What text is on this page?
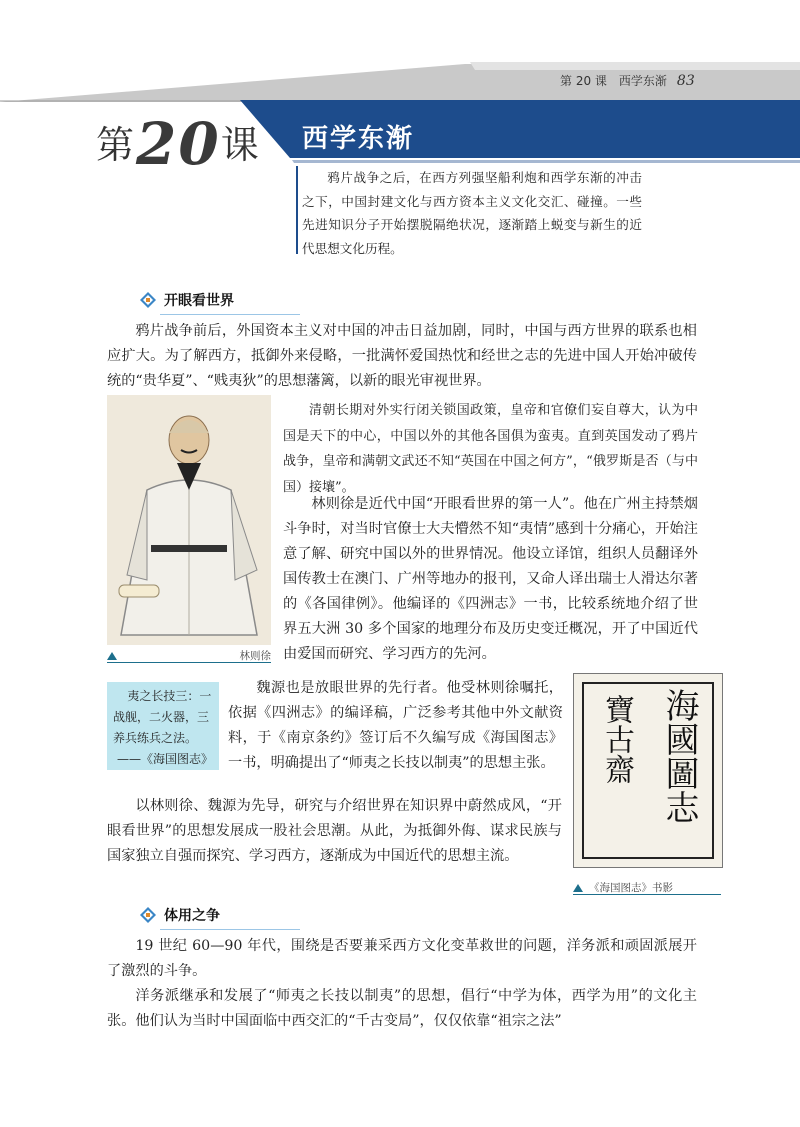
第 20 课　西学东渐 83
第20课 西学东渐
鸦片战争之后，在西方列强坚船利炮和西学东渐的冲击之下，中国封建文化与西方资本主义文化交汇、碰撞。一些先进知识分子开始摆脱隔绝状况，逐渐踏上蜕变与新生的近代思想文化历程。
开眼看世界
鸦片战争前后，外国资本主义对中国的冲击日益加剧，同时，中国与西方世界的联系也相应扩大。为了解西方，抵御外来侵略，一批满怀爱国热忱和经世之志的先进中国人开始冲破传统的“贵华夏”、“贱夷狄”的思想藩篱，以新的眼光审视世界。
林则徐
清朝长期对外实行闭关锁国政策，皇帝和官僚们妄自尊大，认为中国是天下的中心，中国以外的其他各国俱为蛮夷。直到英国发动了鸦片战争，皇帝和满朝文武还不知“英国在中国之何方”，“俄罗斯是否（与中国）接壤”。
林则徐是近代中国“开眼看世界的第一人”。他在广州主持禁烟斗争时，对当时官僚士大夫懵然不知“夷情”感到十分痛心，开始注意了解、研究中国以外的世界情况。他设立译馆，组织人员翻译外国传教士在澳门、广州等地办的报刊，又命人译出瑞士人滑达尔著的《各国律例》。他编译的《四洲志》一书，比较系统地介绍了世界五大洲 30 多个国家的地理分布及历史变迁概况，开了中国近代由爱国而研究、学习西方的先河。
夷之长技三：一战舰，二火器，三养兵练兵之法。
——《海国图志》
魏源也是放眼世界的先行者。他受林则徐嘱托，依据《四洲志》的编译稿，广泛参考其他中外文献资料，于《南京条约》签订后不久编写成《海国图志》一书，明确提出了“师夷之长技以制夷”的思想主张。	海國圖志
寶古齋
《海国图志》书影
以林则徐、魏源为先导，研究与介绍世界在知识界中蔚然成风，“开眼看世界”的思想发展成一股社会思潮。从此，为抵御外侮、谋求民族与国家独立自强而探究、学习西方，逐渐成为中国近代的思想主流。
体用之争
19 世纪 60—90 年代，围绕是否要兼采西方文化变革救世的问题，洋务派和顽固派展开了激烈的斗争。
洋务派继承和发展了“师夷之长技以制夷”的思想，倡行“中学为体，西学为用”的文化主张。他们认为当时中国面临中西交汇的“千古变局”，仅仅依靠“祖宗之法”
